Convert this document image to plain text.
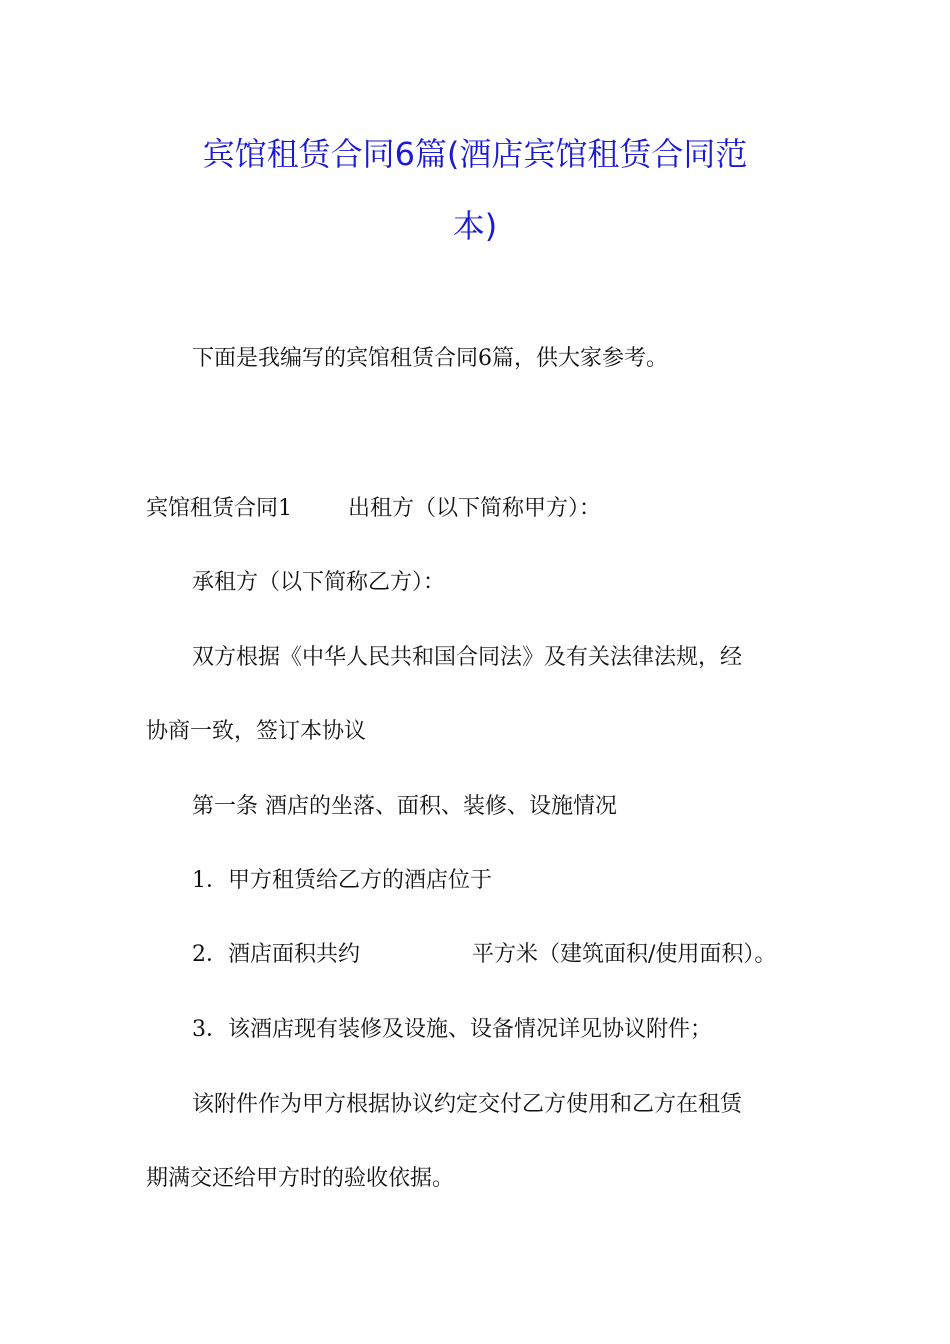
宾馆租赁合同6篇(酒店宾馆租赁合同范
本)
下面是我编写的宾馆租赁合同6篇，供大家参考。
宾馆租赁合同1	出租方（以下简称甲方）：
承租方（以下简称乙方）：
双方根据《中华人民共和国合同法》及有关法律法规，经
协商一致，签订本协议
第一条 酒店的坐落、面积、装修、设施情况
1．甲方租赁给乙方的酒店位于
2．酒店面积共约	平方米（建筑面积/使用面积）。
3．该酒店现有装修及设施、设备情况详见协议附件；
该附件作为甲方根据协议约定交付乙方使用和乙方在租赁
期满交还给甲方时的验收依据。
